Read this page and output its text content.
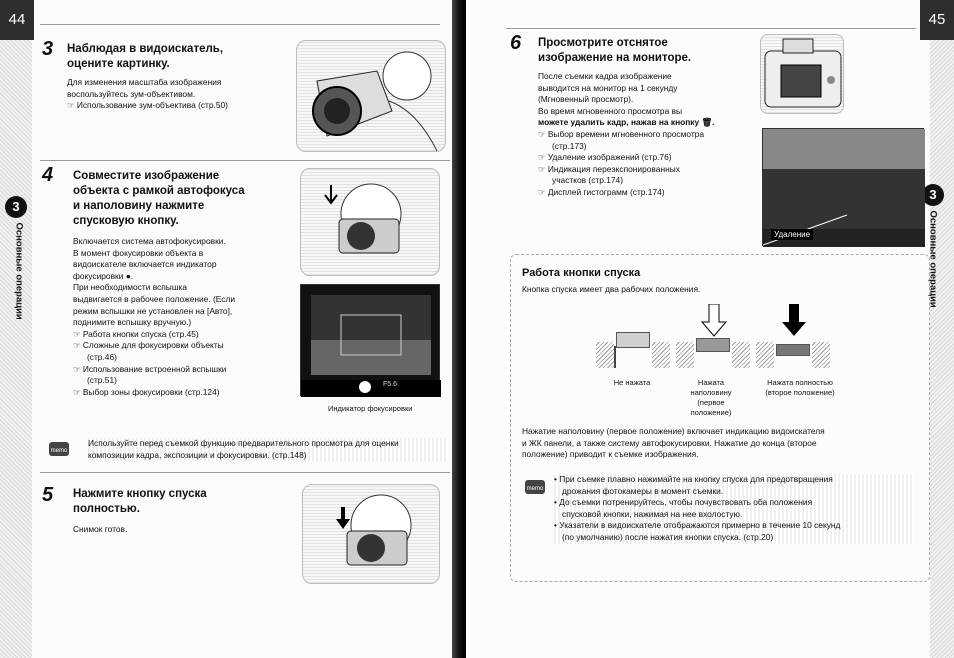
44
3
Основные операции
3 Наблюдая в видоискатель,
оцените картинку.
Для изменения масштаба изображения
воспользуйтесь зум-объективом.
☞ Использование зум-объектива (стр.50)
4 Совместите изображение
объекта с рамкой автофокуса
и наполовину нажмите
спусковую кнопку.
Включается система автофокусировки.
В момент фокусировки объекта в
видоискателе включается индикатор
фокусировки ●.
При необходимости вспышка
выдвигается в рабочее положение. (Если
режим вспышки не установлен на [Авто],
поднимите вспышку вручную.)
☞ Работа кнопки спуска (стр.45)
☞ Сложные для фокусировки объекты
(стр.46)
☞ Использование встроенной вспышки
(стр.51)
☞ Выбор зоны фокусировки (стр.124)
F5.6
Индикатор фокусировки
memo
Используйте перед съемкой функцию предварительного просмотра для оценки
композиции кадра, экспозиции и фокусировки. (стр.148)
5 Нажмите кнопку спуска
полностью.
Снимок готов.
45
3
Основные операции
6 Просмотрите отснятое
изображение на мониторе.
После съемки кадра изображение
выводится на монитор на 1 секунду
(Мгновенный просмотр).
Во время мгновенного просмотра вы
можете удалить кадр, нажав на кнопку 🗑.
☞ Выбор времени мгновенного просмотра
(стр.173)
☞ Удаление изображений (стр.76)
☞ Индикация переэкспонированных
участков (стр.174)
☞ Дисплей гистограмм (стр.174)
Удаление
Работа кнопки спуска
Кнопка спуска имеет два рабочих положения.
Не нажата	Нажата
наполовину
(первое
положение)
Нажата полностью
(второе положение)
Нажатие наполовину (первое положение) включает индикацию видоискателя
и ЖК панели, а также систему автофокусировки. Нажатие до конца (второе
положение) приводит к съемке изображения.
memo
• При съемке плавно нажимайте на кнопку спуска для предотвращения
дрожания фотокамеры в момент съемки.
• До съемки потренируйтесь, чтобы почувствовать оба положения
спусковой кнопки, нажимая на нее вхолостую.
• Указатели в видоискателе отображаются примерно в течение 10 секунд
(по умолчанию) после нажатия кнопки спуска. (стр.20)
